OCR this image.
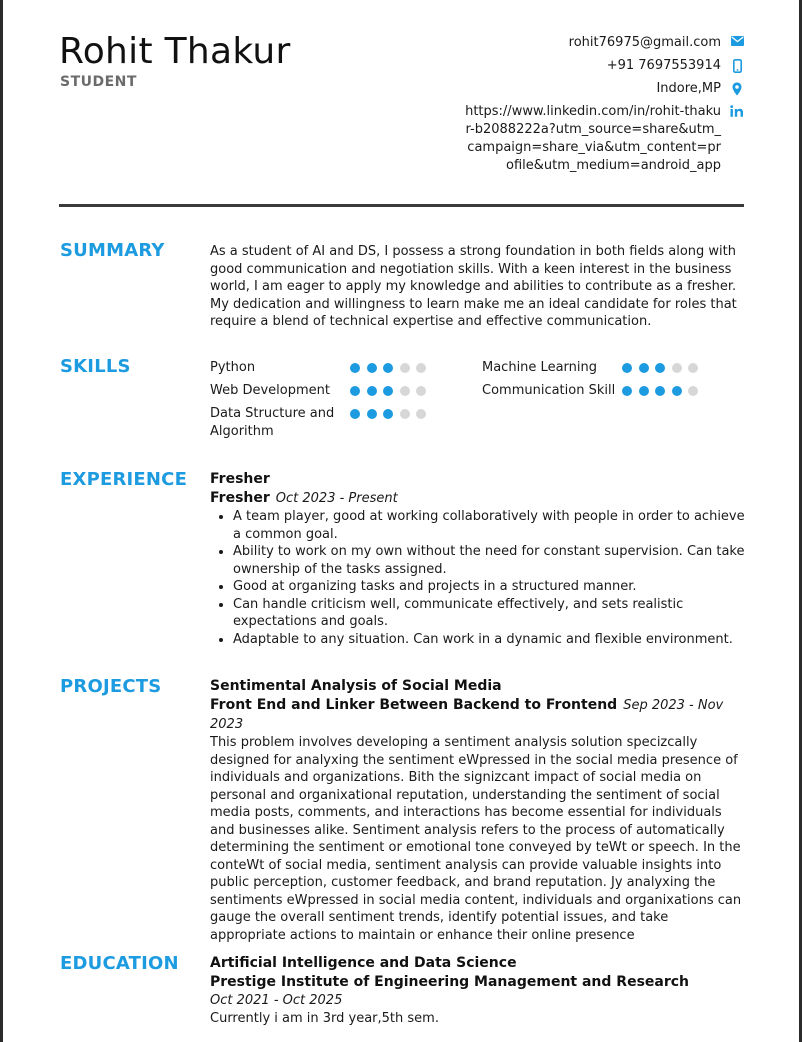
Rohit Thakur
STUDENT
rohit76975@gmail.com
+91 7697553914
Indore,MP
https://www.linkedin.com/in/rohit-thakur-b2088222a?utm_source=share&utm_campaign=share_via&utm_content=profile&utm_medium=android_app
SUMMARY	As a student of AI and DS, I possess a strong foundation in both fields along with good communication and negotiation skills. With a keen interest in the business world, I am eager to apply my knowledge and abilities to contribute as a fresher. My dedication and willingness to learn make me an ideal candidate for roles that require a blend of technical expertise and effective communication.
SKILLS	Python	Machine Learning
Web Development	Communication Skill
Data Structure and Algorithm
EXPERIENCE Fresher
Fresher Oct 2023 - Present
• A team player, good at working collaboratively with people in order to achieve a common goal.
• Ability to work on my own without the need for constant supervision. Can take ownership of the tasks assigned.
• Good at organizing tasks and projects in a structured manner.
• Can handle criticism well, communicate effectively, and sets realistic expectations and goals.
• Adaptable to any situation. Can work in a dynamic and flexible environment.
PROJECTS	Sentimental Analysis of Social Media
Front End and Linker Between Backend to Frontend Sep 2023 - Nov 2023
This problem involves developing a sentiment analysis solution specizcally designed for analyxing the sentiment eWpressed in the social media presence of individuals and organizations. Bith the signizcant impact of social media on personal and organixational reputation, understanding the sentiment of social media posts, comments, and interactions has become essential for individuals and businesses alike. Sentiment analysis refers to the process of automatically determining the sentiment or emotional tone conveyed by teWt or speech. In the conteWt of social media, sentiment analysis can provide valuable insights into public perception, customer feedback, and brand reputation. Jy analyxing the sentiments eWpressed in social media content, individuals and organixations can gauge the overall sentiment trends, identify potential issues, and take appropriate actions to maintain or enhance their online presence
EDUCATION Artificial Intelligence and Data Science
Prestige Institute of Engineering Management and Research
Oct 2021 - Oct 2025
Currently i am in 3rd year,5th sem.
